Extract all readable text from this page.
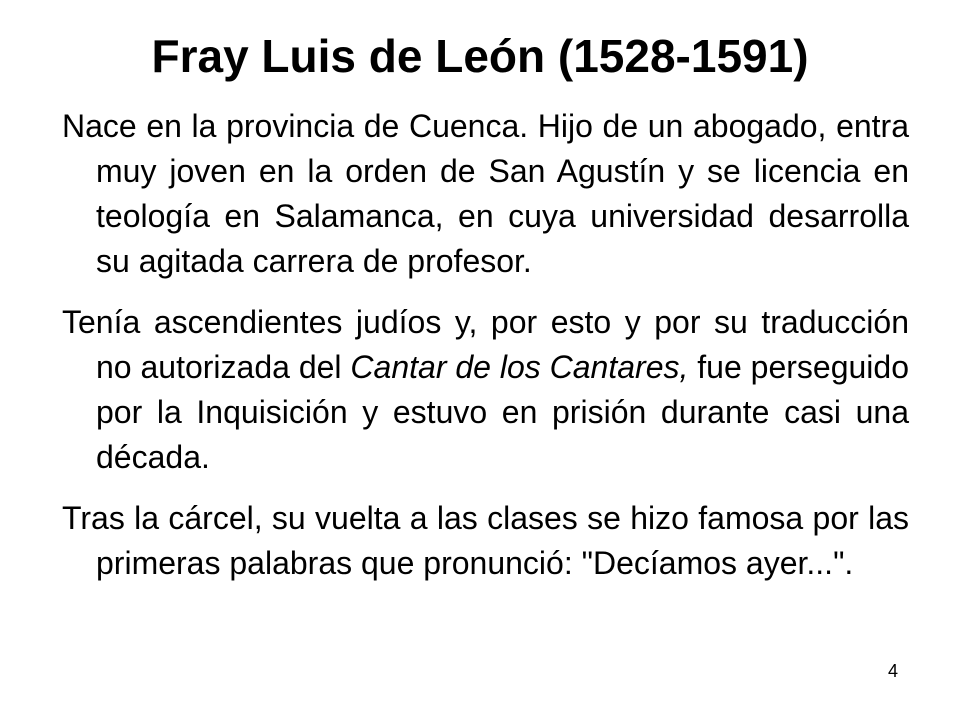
Fray Luis de León (1528-1591)

Nace en la provincia de Cuenca. Hijo de un abogado, entra muy joven en la orden de San Agustín y se licencia en teología en Salamanca, en cuya universidad desarrolla su agitada carrera de profesor.

Tenía ascendientes judíos y, por esto y por su traducción no autorizada del Cantar de los Cantares, fue perseguido por la Inquisición y estuvo en prisión durante casi una década.

Tras la cárcel, su vuelta a las clases se hizo famosa por las primeras palabras que pronunció: "Decíamos ayer...".

4
